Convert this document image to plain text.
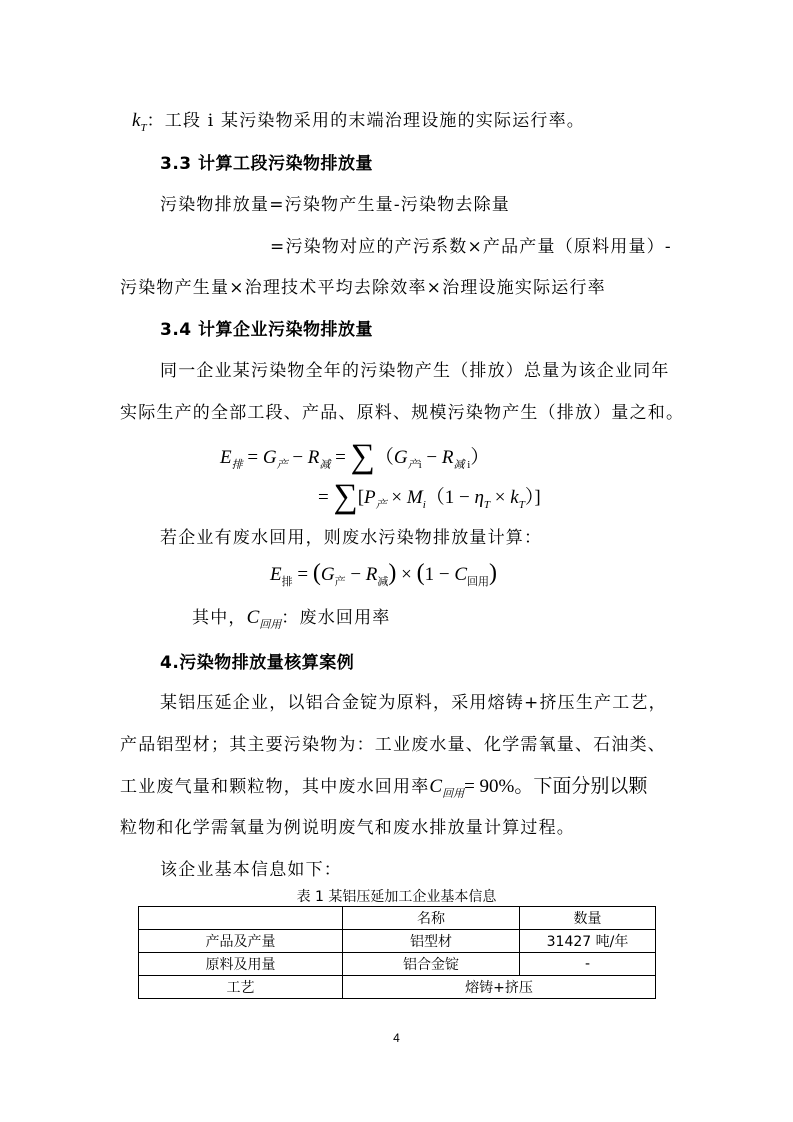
$k_T$：工段 i 某污染物采用的末端治理设施的实际运行率。
3.3 计算工段污染物排放量
污染物排放量=污染物产生量-污染物去除量
=污染物对应的产污系数×产品产量（原料用量）-
污染物产生量×治理技术平均去除效率×治理设施实际运行率
3.4 计算企业污染物排放量
同一企业某污染物全年的污染物产生（排放）总量为该企业同年
实际生产的全部工段、产品、原料、规模污染物产生（排放）量之和。
$E_排 = G_产 - R_减 = \sum(G_{产i} - R_减$ $_i$）
= $\sum[P_产 \times M_i(1 - \eta_T \times k_T)]$
若企业有废水回用，则废水污染物排放量计算：
$E_排 = (G_产 - R_减) \times (1 - C_{回用})$
其中，$C_{回用}$：废水回用率
4.污染物排放量核算案例
某铝压延企业，以铝合金锭为原料，采用熔铸+挤压生产工艺，
产品铝型材；其主要污染物为：工业废水量、化学需氧量、石油类、
工业废气量和颗粒物，其中废水回用率$C_{回用}= 90\%$。下面分别以颗
粒物和化学需氧量为例说明废气和废水排放量计算过程。
该企业基本信息如下：
表 1 某铝压延加工企业基本信息
	名称	数量
产品及产量	铝型材	31427 吨/年
原料及用量	铝合金锭	-
工艺	熔铸+挤压	
4
